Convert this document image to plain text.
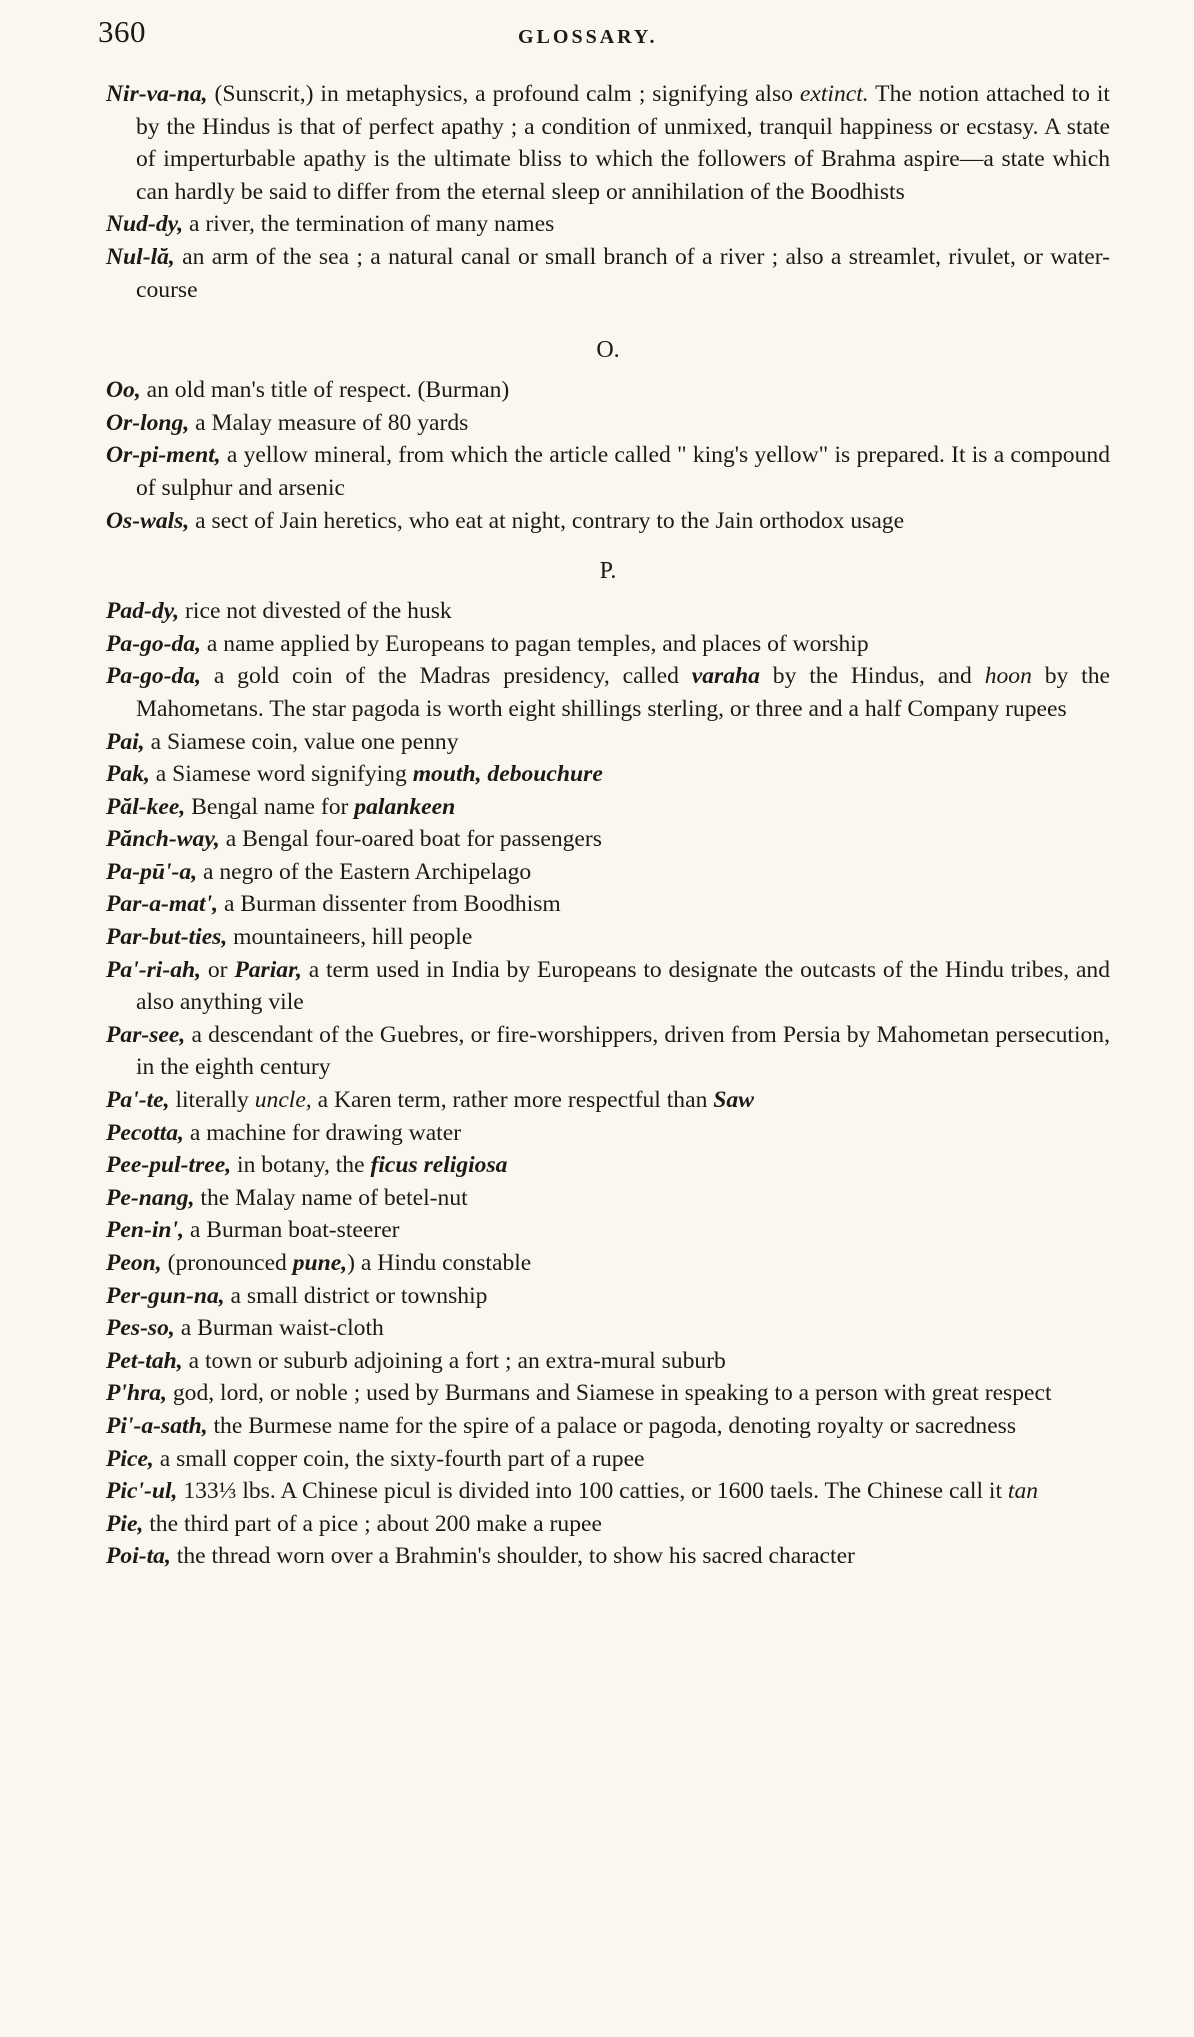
360	GLOSSARY.

Nir-va-na, (Sunscrit,) in metaphysics, a profound calm ; signifying also extinct. The notion attached to it by the Hindus is that of perfect apathy ; a condition of unmixed, tranquil happiness or ecstasy. A state of imperturbable apathy is the ultimate bliss to which the followers of Brahma aspire—a state which can hardly be said to differ from the eternal sleep or annihilation of the Boodhists

Nud-dy, a river, the termination of many names

Nul-lă, an arm of the sea ; a natural canal or small branch of a river ; also a streamlet, rivulet, or water-course

O.

Oo, an old man's title of respect. (Burman)

Or-long, a Malay measure of 80 yards

Or-pi-ment, a yellow mineral, from which the article called " king's yellow" is prepared. It is a compound of sulphur and arsenic

Os-wals, a sect of Jain heretics, who eat at night, contrary to the Jain orthodox usage

P.

Pad-dy, rice not divested of the husk

Pa-go-da, a name applied by Europeans to pagan temples, and places of worship

Pa-go-da, a gold coin of the Madras presidency, called varaha by the Hindus, and hoon by the Mahometans. The star pagoda is worth eight shillings sterling, or three and a half Company rupees

Pai, a Siamese coin, value one penny

Pak, a Siamese word signifying mouth, debouchure

Păl-kee, Bengal name for palankeen

Pănch-way, a Bengal four-oared boat for passengers

Pa-pū'-a, a negro of the Eastern Archipelago

Par-a-mat', a Burman dissenter from Boodhism

Par-but-ties, mountaineers, hill people

Pa'-ri-ah, or Pariar, a term used in India by Europeans to designate the outcasts of the Hindu tribes, and also anything vile

Par-see, a descendant of the Guebres, or fire-worshippers, driven from Persia by Mahometan persecution, in the eighth century

Pa'-te, literally uncle, a Karen term, rather more respectful than Saw

Pecotta, a machine for drawing water

Pee-pul-tree, in botany, the ficus religiosa

Pe-nang, the Malay name of betel-nut

Pen-in', a Burman boat-steerer

Peon, (pronounced pune,) a Hindu constable

Per-gun-na, a small district or township

Pes-so, a Burman waist-cloth

Pet-tah, a town or suburb adjoining a fort ; an extra-mural suburb

P'hra, god, lord, or noble ; used by Burmans and Siamese in speaking to a person with great respect

Pi'-a-sath, the Burmese name for the spire of a palace or pagoda, denoting royalty or sacredness

Pice, a small copper coin, the sixty-fourth part of a rupee

Pic'-ul, 133⅓ lbs. A Chinese picul is divided into 100 catties, or 1600 taels. The Chinese call it tan

Pie, the third part of a pice ; about 200 make a rupee

Poi-ta, the thread worn over a Brahmin's shoulder, to show his sacred character
